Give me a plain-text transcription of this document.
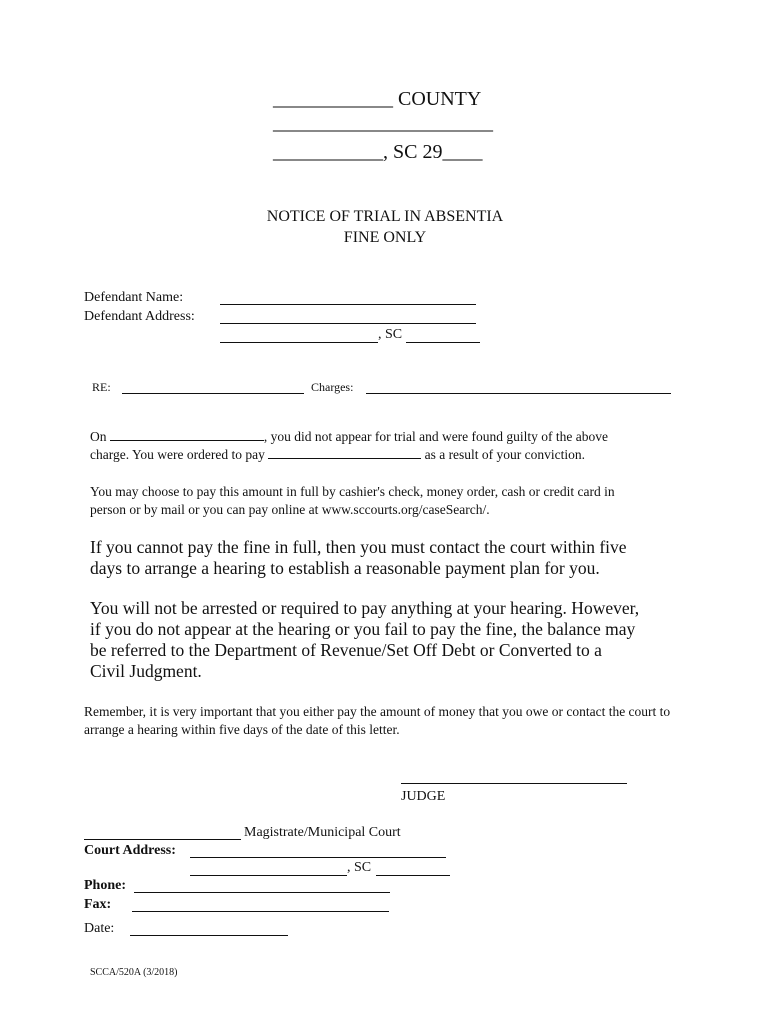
____________ COUNTY
______________________
___________, SC 29____
NOTICE OF TRIAL IN ABSENTIA
FINE ONLY
Defendant Name:
Defendant Address:
, SC
RE:	Charges:
On	, you did not appear for trial and were found guilty of the above
charge. You were ordered to pay	as a result of your conviction.
You may choose to pay this amount in full by cashier's check, money order, cash or credit card in person or by mail or you can pay online at www.sccourts.org/caseSearch/.
If you cannot pay the fine in full, then you must contact the court within five days to arrange a hearing to establish a reasonable payment plan for you.
You will not be arrested or required to pay anything at your hearing. However, if you do not appear at the hearing or you fail to pay the fine, the balance may be referred to the Department of Revenue/Set Off Debt or Converted to a Civil Judgment.
Remember, it is very important that you either pay the amount of money that you owe or contact the court to arrange a hearing within five days of the date of this letter.
JUDGE
Magistrate/Municipal Court
Court Address:
, SC
Phone:
Fax:
Date:
SCCA/520A (3/2018)
